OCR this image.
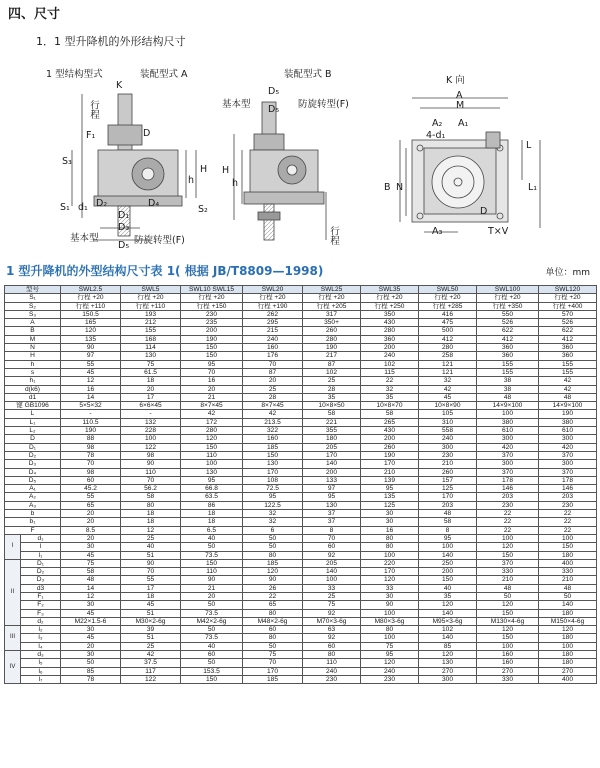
四、尺寸
1．1 型升降机的外形结构尺寸
1 型结构型式	装配型式 A	装配型式 B
K 向
K
行程
F₁	D
S₃
H
h
S₁ d₁ D₂	D₄
S₂
D₁
D₃
基本型
D₅ 防旋转型(F)
基本型
D₅
防旋转型(F)
D₅
H
h
行程
A
M
A₂ A₁
4-d₁
B N	L₁
L
A₃	T×V
D
1 型升降机的外型结构尺寸表 1( 根据 JB/T8809—1998)	单位：mm
型号		SWL2.5	SWL5	SWL10 SWL15	SWL20	SWL25	SWL35	SWL50	SWL100	SWL120
S₁		行程 +20	行程 +20	行程 +20	行程 +20	行程 +20	行程 +20	行程 +20	行程 +20	行程 +20
S₂		行程 +110	行程 +110	行程 +150	行程 +190	行程 +205	行程 +250	行程 +285	行程 +350	行程 +400
S₃		150.5	193	230	262	317	350	416	550	570
A		165	212	235	295	350+	430	475	526	526
B		120	155	200	215	260	280	500	622	622
M		135	168	190	240	280	360	412	412	412
N		90	114	150	160	190	200	280	360	360
H		97	130	150	176	217	240	258	360	360
h		55	75	95	70	87	102	121	155	155
s		45	61.5	70	87	102	115	121	155	155
h₁		12	18	16	20	25	22	32	38	42
d(k6)		16	20	20	25	28	32	42	38	42
d1		14	17	21	28	35	35	45	48	48
键 GB1096		5×5×32	6×6×45	8×7×45	8×7×45	10×8×50	10×8×70	10×8×90	14×9×100	14×9×100
L		-	-	42	42	58	58	105	100	190
L₁		110.5	132	172	213.5	221	265	310	380	380
L₂		190	228	280	322	355	430	558	610	610
D		88	100	120	160	180	200	240	300	300
D₁		98	122	150	185	205	260	300	420	420
D₂		78	98	110	150	170	190	230	370	370
D₃		70	90	100	130	140	170	210	300	300
D₄		98	110	130	170	200	210	260	370	370
D₅		60	70	95	108	133	139	157	178	178
A₁		45.2	56.2	66.8	72.5	97	95	125	146	146
A₂		55	58	63.5	95	95	135	170	203	203
A₃		65	80	86	122.5	130	125	203	230	230
b		20	18	18	32	37	30	48	22	22
b₁		20	18	18	32	37	30	58	22	22
F		8.5	12	6.5	6	8	16	8	22	22
I	d₁	20	25	40	50	70	80	95	100	100
	l	30	40	50	50	60	80	100	120	150
	l₁	45	51	73.5	80	92	100	140	150	180
II	D₁	75	90	150	185	205	220	250	370	400
	D₂	58	70	110	120	140	170	200	330	330
	D₃	48	55	90	90	100	120	150	210	210
	d3	14	17	21	26	33	33	40	48	48
	F₁	12	18	20	22	25	30	35	50	50
	F₂	30	45	50	65	75	90	120	120	140
	F₃	45	51	73.5	80	92	100	140	150	180
	d₂	M22×1.5-6	M30×2-6g	M42×2-6g	M48×2-6g	M70×3-6g	M80×3-6g	M95×3-6g	M130×4-6g	M150×4-6g
III	l₂	30	39	50	60	63	80	102	120	120
	l₃	45	51	73.5	80	92	100	140	150	180
	l₄	20	25	40	50	60	75	85	100	100
IV	d₃	30	42	60	75	80	95	120	160	180
	l₅	50	37.5	50	70	110	120	130	160	180
	l₆	85	117	153.5	170	240	240	270	270	270
	l₇	78	122	150	185	230	230	300	330	400
